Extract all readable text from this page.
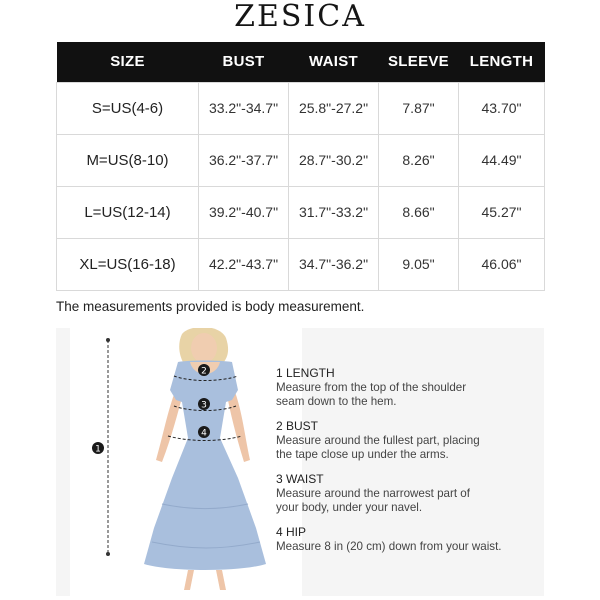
ZESICA
SIZE	BUST	WAIST	SLEEVE	LENGTH
S=US(4-6)	33.2"-34.7"	25.8"-27.2"	7.87"	43.70"
M=US(8-10)	36.2"-37.7"	28.7"-30.2"	8.26"	44.49"
L=US(12-14)	39.2"-40.7"	31.7"-33.2"	8.66"	45.27"
XL=US(16-18)	42.2"-43.7"	34.7"-36.2"	9.05"	46.06"
The measurements provided is body measurement.
1
2
3
4
1 LENGTH
Measure from the top of the shoulder
seam down to the hem.
2 BUST
Measure around the fullest part, placing
the tape close up under the arms.
3 WAIST
Measure around the narrowest part of
your body, under your navel.
4 HIP
Measure 8 in (20 cm) down from your waist.
